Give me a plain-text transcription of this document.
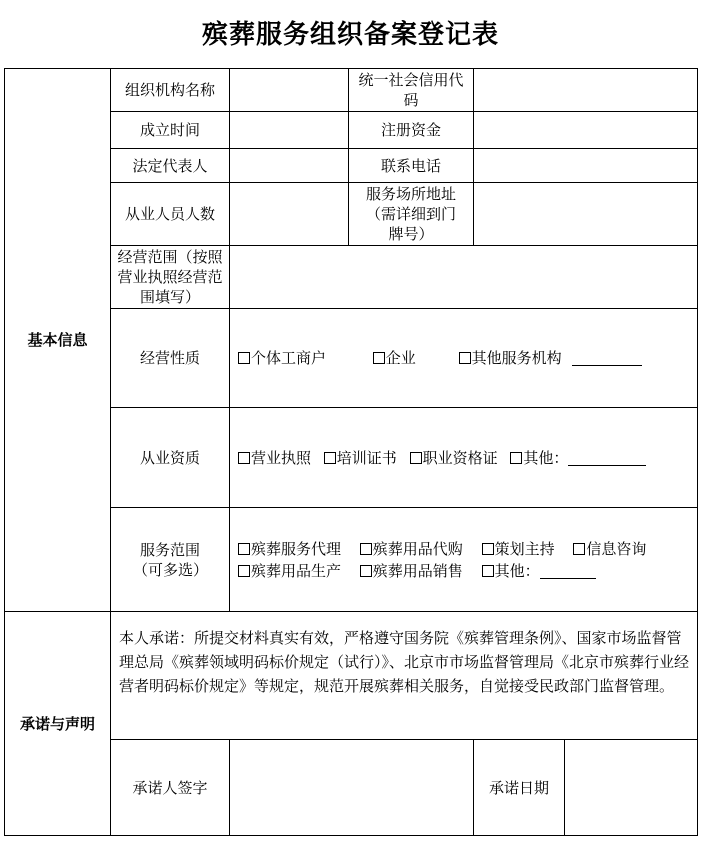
殡葬服务组织备案登记表
基本信息	组织机构名称		统一社会信用代码		
	成立时间		注册资金		
	法定代表人		联系电话		
	从业人员人数		服务场所地址（需详细到门牌号）		
	经营范围（按照营业执照经营范围填写）				
	经营性质	个体工商户 企业 其他服务机构			
	从业资质	营业执照 培训证书 职业资格证 其他：			
	服务范围（可多选）	殡葬服务代理 殡葬用品代购 策划主持 信息咨询
殡葬用品生产 殡葬用品销售 其他：			

承诺与声明	本人承诺：所提交材料真实有效，严格遵守国务院《殡葬管理条例》、国家市场监督管理总局《殡葬领域明码标价规定（试行）》、北京市市场监督管理局《北京市殡葬行业经营者明码标价规定》等规定，规范开展殡葬相关服务，自觉接受民政部门监督管理。				
	承诺人签字			承诺日期	
